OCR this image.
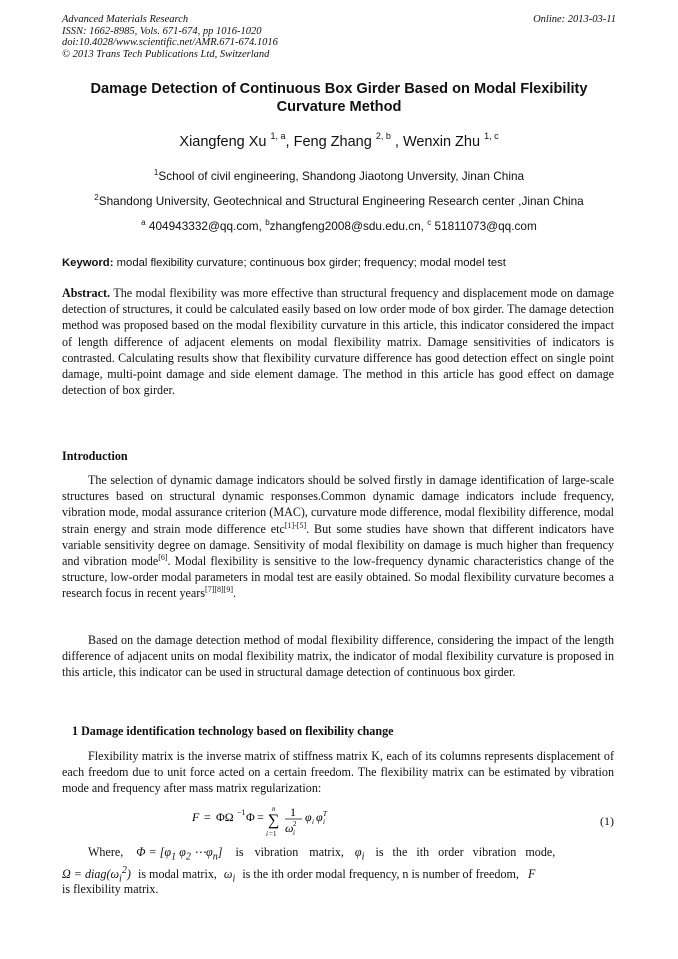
Advanced Materials Research
ISSN: 1662-8985, Vols. 671-674, pp 1016-1020
doi:10.4028/www.scientific.net/AMR.671-674.1016
© 2013 Trans Tech Publications Ltd, Switzerland
Online: 2013-03-11
Damage Detection of Continuous Box Girder Based on Modal Flexibility Curvature Method
Xiangfeng Xu $^{1, a}$, Feng Zhang $^{2, b}$ , Wenxin Zhu $^{1, c}$
$^1$School of civil engineering, Shandong Jiaotong Unversity, Jinan China
$^2$Shandong University, Geotechnical and Structural Engineering Research center ,Jinan China
$^a$ 404943332@qq.com, $^b$zhangfeng2008@sdu.edu.cn, $^c$ 51811073@qq.com
Keyword: modal flexibility curvature; continuous box girder; frequency; modal model test
Abstract. The modal flexibility was more effective than structural frequency and displacement mode on damage detection of structures, it could be calculated easily based on low order mode of box girder. The damage detection method was proposed based on the modal flexibility curvature in this article, this indicator considered the impact of length difference of adjacent elements on modal flexibility matrix. Damage sensitivities of indicators is contrasted. Calculating results show that flexibility curvature difference has good detection effect on single point damage, multi-point damage and side element damage. The method in this article has good effect on damage detection of box girder.
Introduction
The selection of dynamic damage indicators should be solved firstly in damage identification of large-scale structures based on structural dynamic responses.Common dynamic damage indicators include frequency, vibration mode, modal assurance criterion (MAC), curvature mode difference, modal flexibility difference, modal strain energy and strain mode difference etc[1]-[5]. But some studies have shown that different indicators have variable sensitivity degree on damage. Sensitivity of modal flexibility on damage is much higher than frequency and vibration mode[6]. Modal flexibility is sensitive to the low-frequency dynamic characteristics change of the structure, low-order modal parameters in modal test are easily obtained. So modal flexibility curvature becomes a research focus in recent years[7][8][9].
Based on the damage detection method of modal flexibility difference, considering the impact of the length difference of adjacent units on modal flexibility matrix, the indicator of modal flexibility curvature is proposed in this article, this indicator can be used in structural damage detection of continuous box girder.
1 Damage identification technology based on flexibility change
Flexibility matrix is the inverse matrix of stiffness matrix K, each of its columns represents displacement of each freedom due to unit force acted on a certain freedom. The flexibility matrix can be estimated by vibration mode and frequency after mass matrix regularization:
F = ΦΩ −1 Φ =
n
∑
i =1
1
ω 2
i
φ i φ T
i	(1)
Where, $\Phi = [\varphi_1$ $\varphi_2$ $\cdots\varphi_n$] is vibration matrix, $\varphi_i$ is the ith order vibration mode,
$\Omega = diag(\omega_i^2)$ is modal matrix, $\omega_i$ is the ith order modal frequency, n is number of freedom, F
is flexibility matrix.
